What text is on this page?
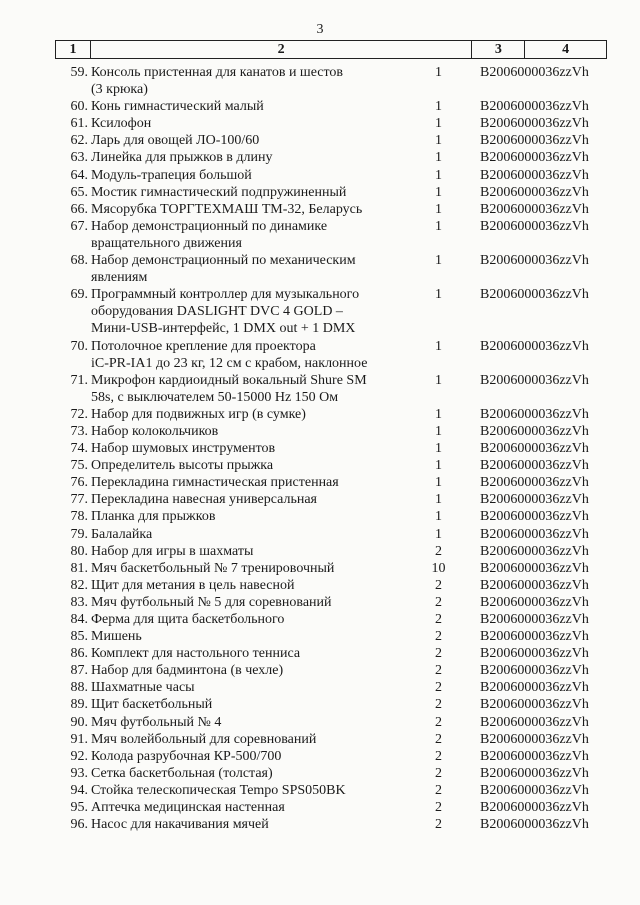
3
1	2	3	4
59. Консоль пристенная для канатов и шестов
(3 крюка)
1	B2006000036zzVh
60. Конь гимнастический малый	1	B2006000036zzVh
61. Ксилофон	1	B2006000036zzVh
62. Ларь для овощей ЛО-100/60	1	B2006000036zzVh
63. Линейка для прыжков в длину	1	B2006000036zzVh
64. Модуль-трапеция большой	1	B2006000036zzVh
65. Мостик гимнастический подпружиненный	1	B2006000036zzVh
66. Мясорубка ТОРГТЕХМАШ ТМ-32, Беларусь	1	B2006000036zzVh
67. Набор демонстрационный по динамике
вращательного движения
1	B2006000036zzVh
68. Набор демонстрационный по механическим
явлениям
1	B2006000036zzVh
69. Программный контроллер для музыкального
оборудования DASLIGHT DVC 4 GOLD –
Мини-USB-интерфейс, 1 DMX out + 1 DMX
1	B2006000036zzVh
70. Потолочное крепление для проектора
iC-PR-IA1 до 23 кг, 12 см с крабом, наклонное
1	B2006000036zzVh
71. Микрофон кардиоидный вокальный Shure SM
58s, с выключателем 50-15000 Hz 150 Ом
1	B2006000036zzVh
72. Набор для подвижных игр (в сумке)	1	B2006000036zzVh
73. Набор колокольчиков	1	B2006000036zzVh
74. Набор шумовых инструментов	1	B2006000036zzVh
75. Определитель высоты прыжка	1	B2006000036zzVh
76. Перекладина гимнастическая пристенная	1	B2006000036zzVh
77. Перекладина навесная универсальная	1	B2006000036zzVh
78. Планка для прыжков	1	B2006000036zzVh
79. Балалайка	1	B2006000036zzVh
80. Набор для игры в шахматы	2	B2006000036zzVh
81. Мяч баскетбольный № 7 тренировочный	10	B2006000036zzVh
82. Щит для метания в цель навесной	2	B2006000036zzVh
83. Мяч футбольный № 5 для соревнований	2	B2006000036zzVh
84. Ферма для щита баскетбольного	2	B2006000036zzVh
85. Мишень	2	B2006000036zzVh
86. Комплект для настольного тенниса	2	B2006000036zzVh
87. Набор для бадминтона (в чехле)	2	B2006000036zzVh
88. Шахматные часы	2	B2006000036zzVh
89. Щит баскетбольный	2	B2006000036zzVh
90. Мяч футбольный № 4	2	B2006000036zzVh
91. Мяч волейбольный для соревнований	2	B2006000036zzVh
92. Колода разрубочная КР-500/700	2	B2006000036zzVh
93. Сетка баскетбольная (толстая)	2	B2006000036zzVh
94. Стойка телескопическая Tempo SPS050BK	2	B2006000036zzVh
95. Аптечка медицинская настенная	2	B2006000036zzVh
96. Насос для накачивания мячей	2	B2006000036zzVh
